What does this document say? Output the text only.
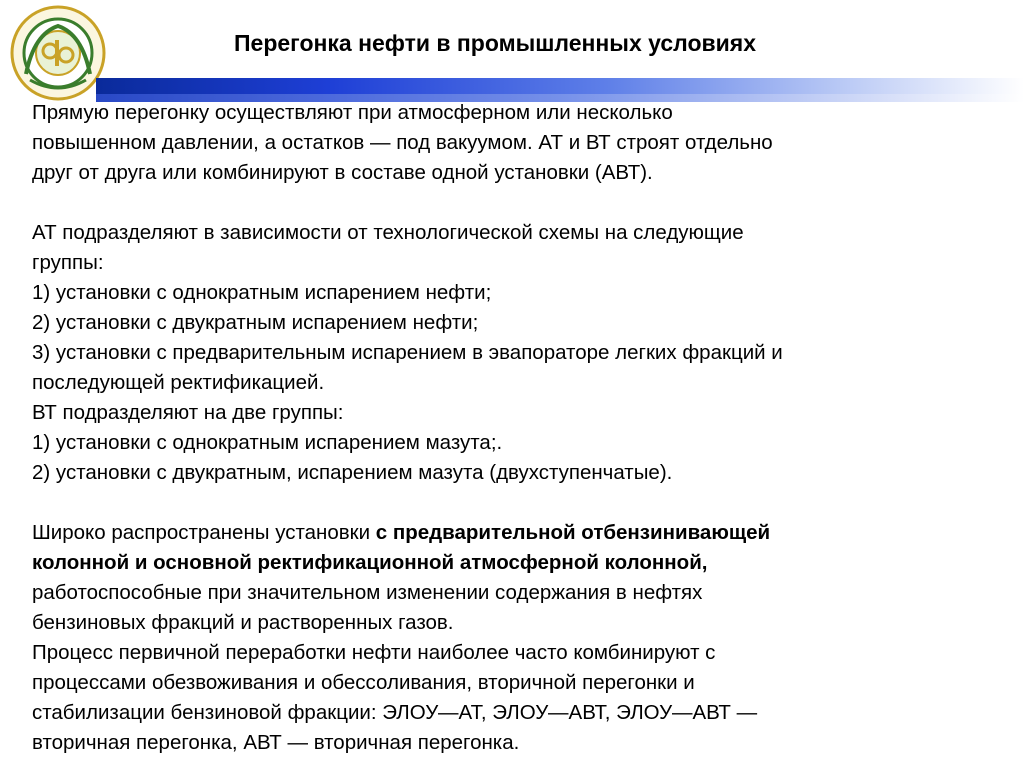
Перегонка нефти в промышленных условиях

Прямую перегонку осуществляют при атмосферном или несколько

повышенном давлении, а остатков — под вакуумом. АТ и ВТ строят отдельно

друг от друга или комбинируют в составе одной установки (АВТ).

АТ подразделяют в зависимости от технологической схемы на следующие

группы:

1) установки с однократным испарением нефти;

2) установки с двукратным испарением нефти;

3) установки с предварительным испарением в эвапораторе легких фракций и

последующей ректификацией.

ВТ подразделяют на две группы:

1) установки с однократным испарением мазута;.

2) установки с двукратным, испарением мазута (двухступенчатые).

Широко распространены установки с предварительной отбензинивающей

колонной и основной ректификационной атмосферной колонной,

работоспособные при значительном изменении содержания в нефтях

бензиновых фракций и растворенных газов.

Процесс первичной переработки нефти наиболее часто комбинируют с

процессами обезвоживания и обессоливания, вторичной перегонки и

стабилизации бензиновой фракции: ЭЛОУ—АТ, ЭЛОУ—АВТ, ЭЛОУ—АВТ —

вторичная перегонка, АВТ — вторичная перегонка.
